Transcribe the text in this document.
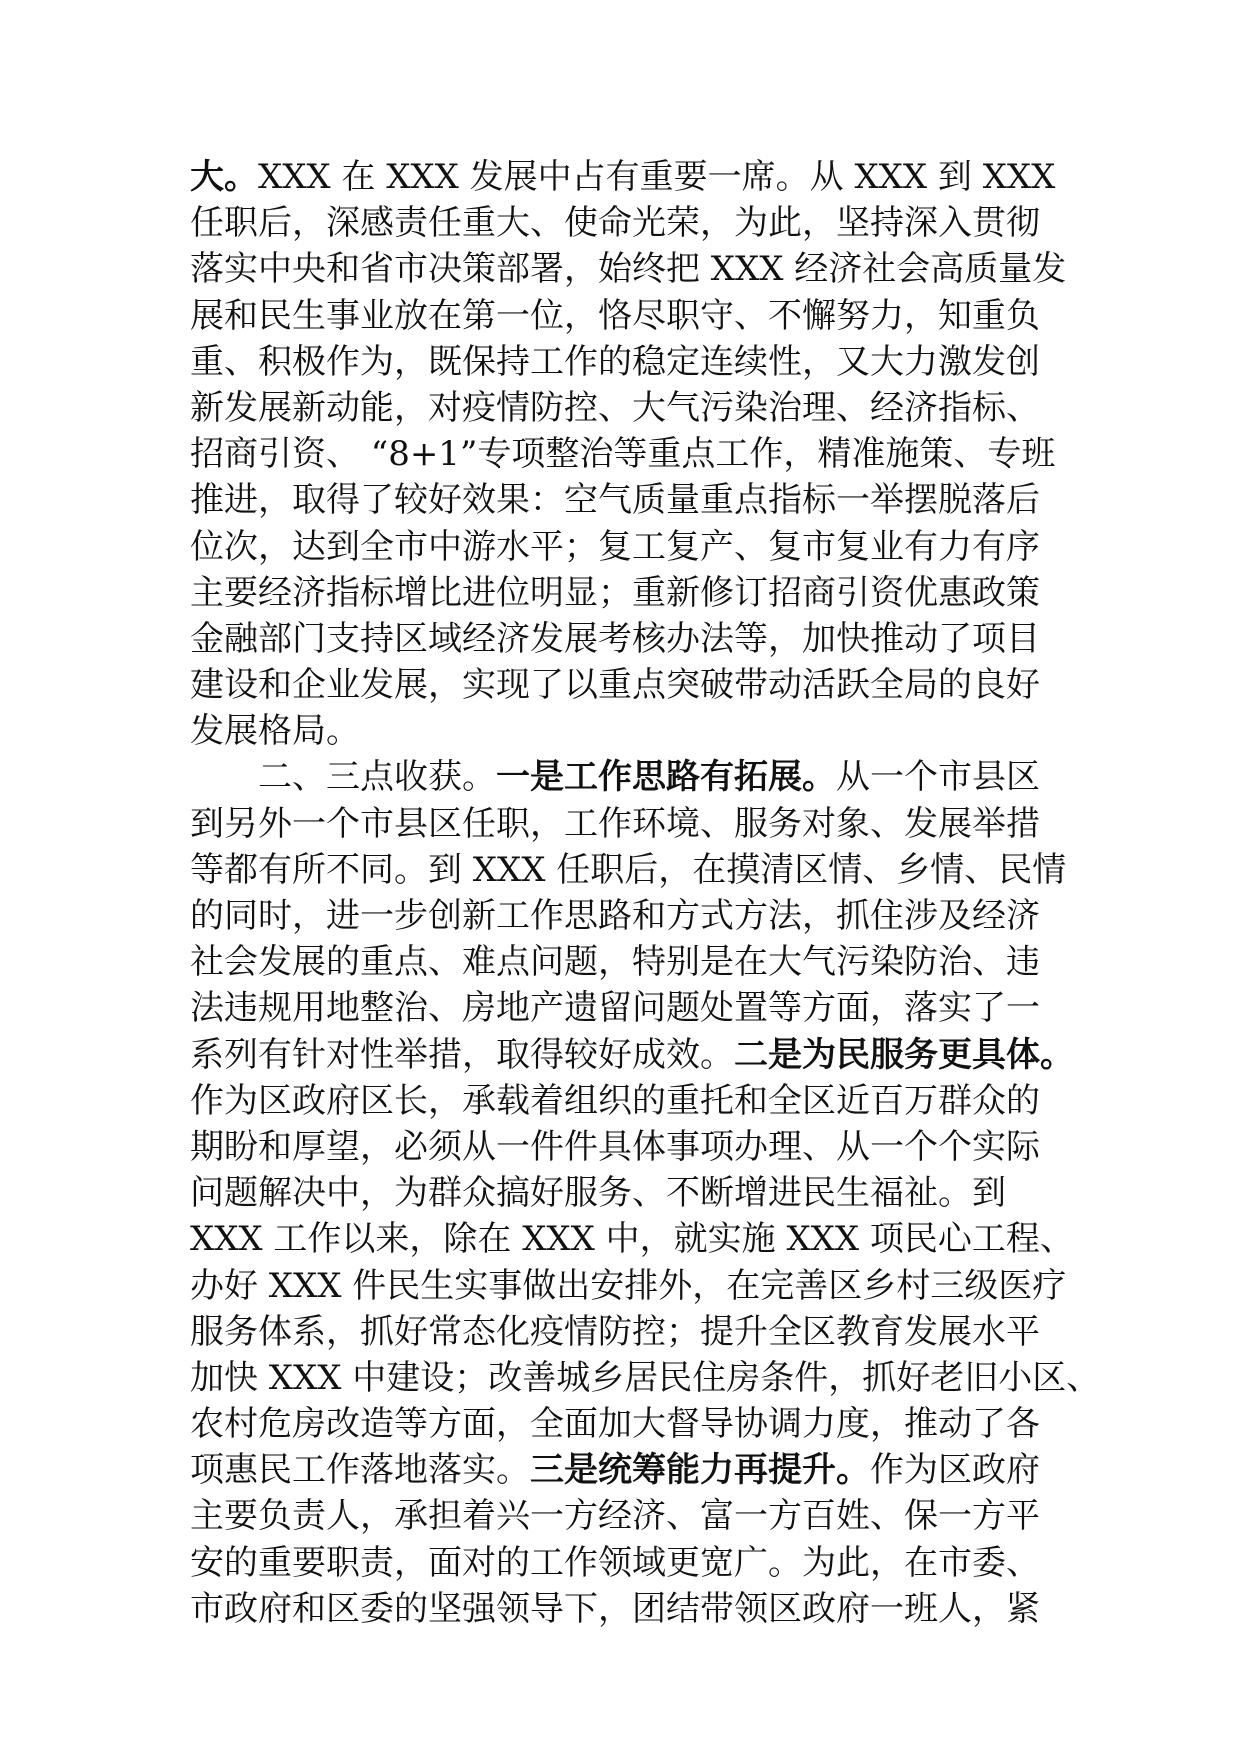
大。XXX 在 XXX 发展中占有重要一席。从 XXX 到 XXX
任职后，深感责任重大、使命光荣，为此，坚持深入贯彻
落实中央和省市决策部署，始终把 XXX 经济社会高质量发
展和民生事业放在第一位，恪尽职守、不懈努力，知重负
重、积极作为，既保持工作的稳定连续性，又大力激发创
新发展新动能，对疫情防控、大气污染治理、经济指标、
招商引资、 “8+1”专项整治等重点工作，精准施策、专班
推进，取得了较好效果：空气质量重点指标一举摆脱落后
位次，达到全市中游水平；复工复产、复市复业有力有序
主要经济指标增比进位明显；重新修订招商引资优惠政策
金融部门支持区域经济发展考核办法等，加快推动了项目
建设和企业发展，实现了以重点突破带动活跃全局的良好
发展格局。
二、三点收获。一是工作思路有拓展。从一个市县区
到另外一个市县区任职，工作环境、服务对象、发展举措
等都有所不同。到 XXX 任职后，在摸清区情、乡情、民情
的同时，进一步创新工作思路和方式方法，抓住涉及经济
社会发展的重点、难点问题，特别是在大气污染防治、违
法违规用地整治、房地产遗留问题处置等方面，落实了一
系列有针对性举措，取得较好成效。二是为民服务更具体。
作为区政府区长，承载着组织的重托和全区近百万群众的
期盼和厚望，必须从一件件具体事项办理、从一个个实际
问题解决中，为群众搞好服务、不断增进民生福祉。到
XXX 工作以来，除在 XXX 中，就实施 XXX 项民心工程、
办好 XXX 件民生实事做出安排外，在完善区乡村三级医疗
服务体系，抓好常态化疫情防控；提升全区教育发展水平
加快 XXX 中建设；改善城乡居民住房条件，抓好老旧小区、
农村危房改造等方面，全面加大督导协调力度，推动了各
项惠民工作落地落实。三是统筹能力再提升。作为区政府
主要负责人，承担着兴一方经济、富一方百姓、保一方平
安的重要职责，面对的工作领域更宽广。为此，在市委、
市政府和区委的坚强领导下，团结带领区政府一班人，紧
